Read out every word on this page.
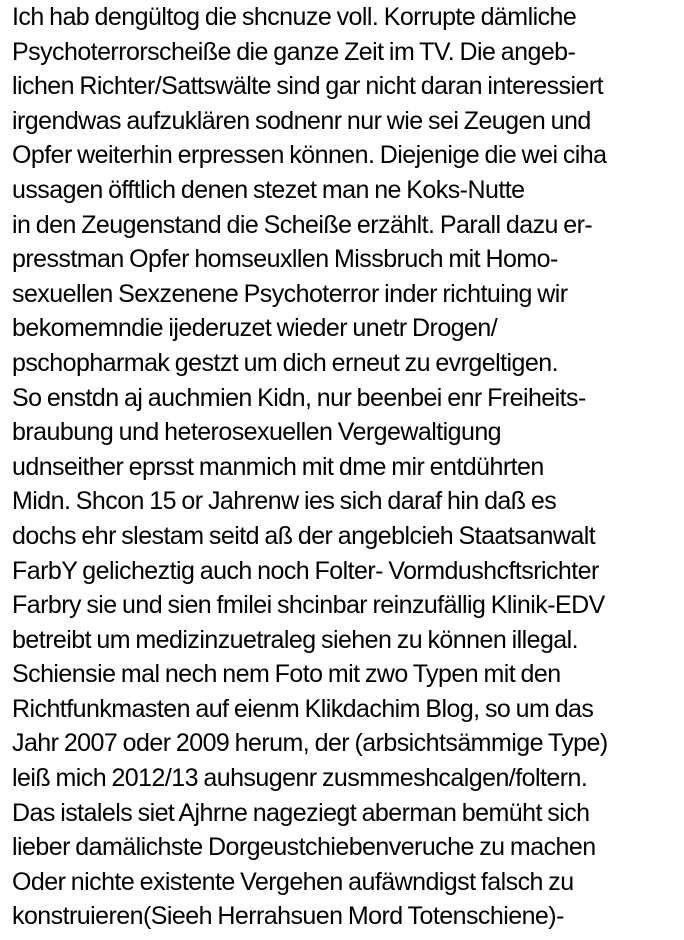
Ich hab dengültog die shcnuze voll. Korrupte dämliche
Psychoterrorscheiße die ganze Zeit im TV. Die angeb-
lichen Richter/Sattswälte sind gar nicht daran interessiert
irgendwas aufzuklären sodnenr nur wie sei Zeugen und
Opfer weiterhin erpressen können. Diejenige die wei ciha
ussagen öfftlich denen stezet man ne Koks-Nutte
in den Zeugenstand die Scheiße erzählt. Parall dazu er-
presstman Opfer homseuxllen Missbruch mit Homo-
sexuellen Sexzenene Psychoterror inder richtuing wir
bekomemndie ijederuzet wieder unetr Drogen/
pschopharmak gestzt um dich erneut zu evrgeltigen.
So enstdn aj auchmien Kidn, nur beenbei enr Freiheits-
braubung und heterosexuellen Vergewaltigung
udnseither eprsst manmich mit dme mir entdührten
Midn. Shcon 15 or Jahrenw ies sich daraf hin daß es
dochs ehr slestam seitd aß der angeblcieh Staatsanwalt
FarbY gelicheztig auch noch Folter- Vormdushcftsrichter
Farbry sie und sien fmilei shcinbar reinzufällig Klinik-EDV
betreibt um medizinzuetraleg siehen zu können illegal.
Schiensie mal nech nem Foto mit zwo Typen mit den
Richtfunkmasten auf eienm Klikdachim Blog, so um das
Jahr 2007 oder 2009 herum, der (arbsichtsämmige Type)
leiß mich 2012/13 auhsugenr zusmmeshcalgen/foltern.
Das istalels siet Ajhrne nageziegt aberman bemüht sich
lieber damälichste Dorgeustchiebenveruche zu machen
Oder nichte existente Vergehen aufäwndigst falsch zu
konstruieren(Sieeh Herrahsuen Mord Totenschiene)-
